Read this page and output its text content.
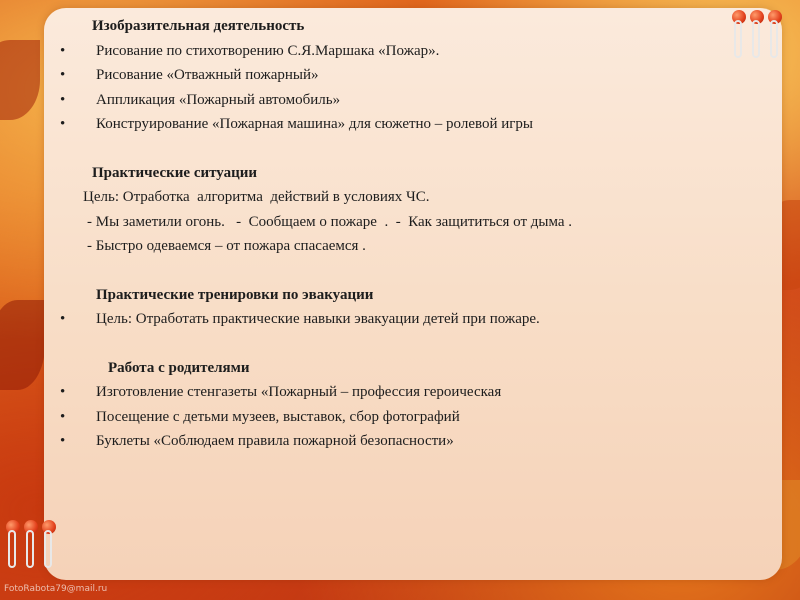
Изобразительная деятельность
•	Рисование по стихотворению С.Я.Маршака «Пожар».
•	Рисование «Отважный пожарный»
•	Аппликация «Пожарный автомобиль»
•	Конструирование «Пожарная машина» для сюжетно – ролевой игры
Практические ситуации
Цель: Отработка  алгоритма  действий в условиях ЧС.
- Мы заметили огонь.   -  Сообщаем о пожаре  .  -  Как защититься от дыма .
- Быстро одеваемся – от пожара спасаемся .
Практические тренировки по эвакуации
•	Цель: Отработать практические навыки эвакуации детей при пожаре.
Работа с родителями
•	Изготовление стенгазеты «Пожарный – профессия героическая
•	Посещение с детьми музеев, выставок, сбор фотографий
•	Буклеты «Соблюдаем правила пожарной безопасности»
FotoRabota79@mail.ru
